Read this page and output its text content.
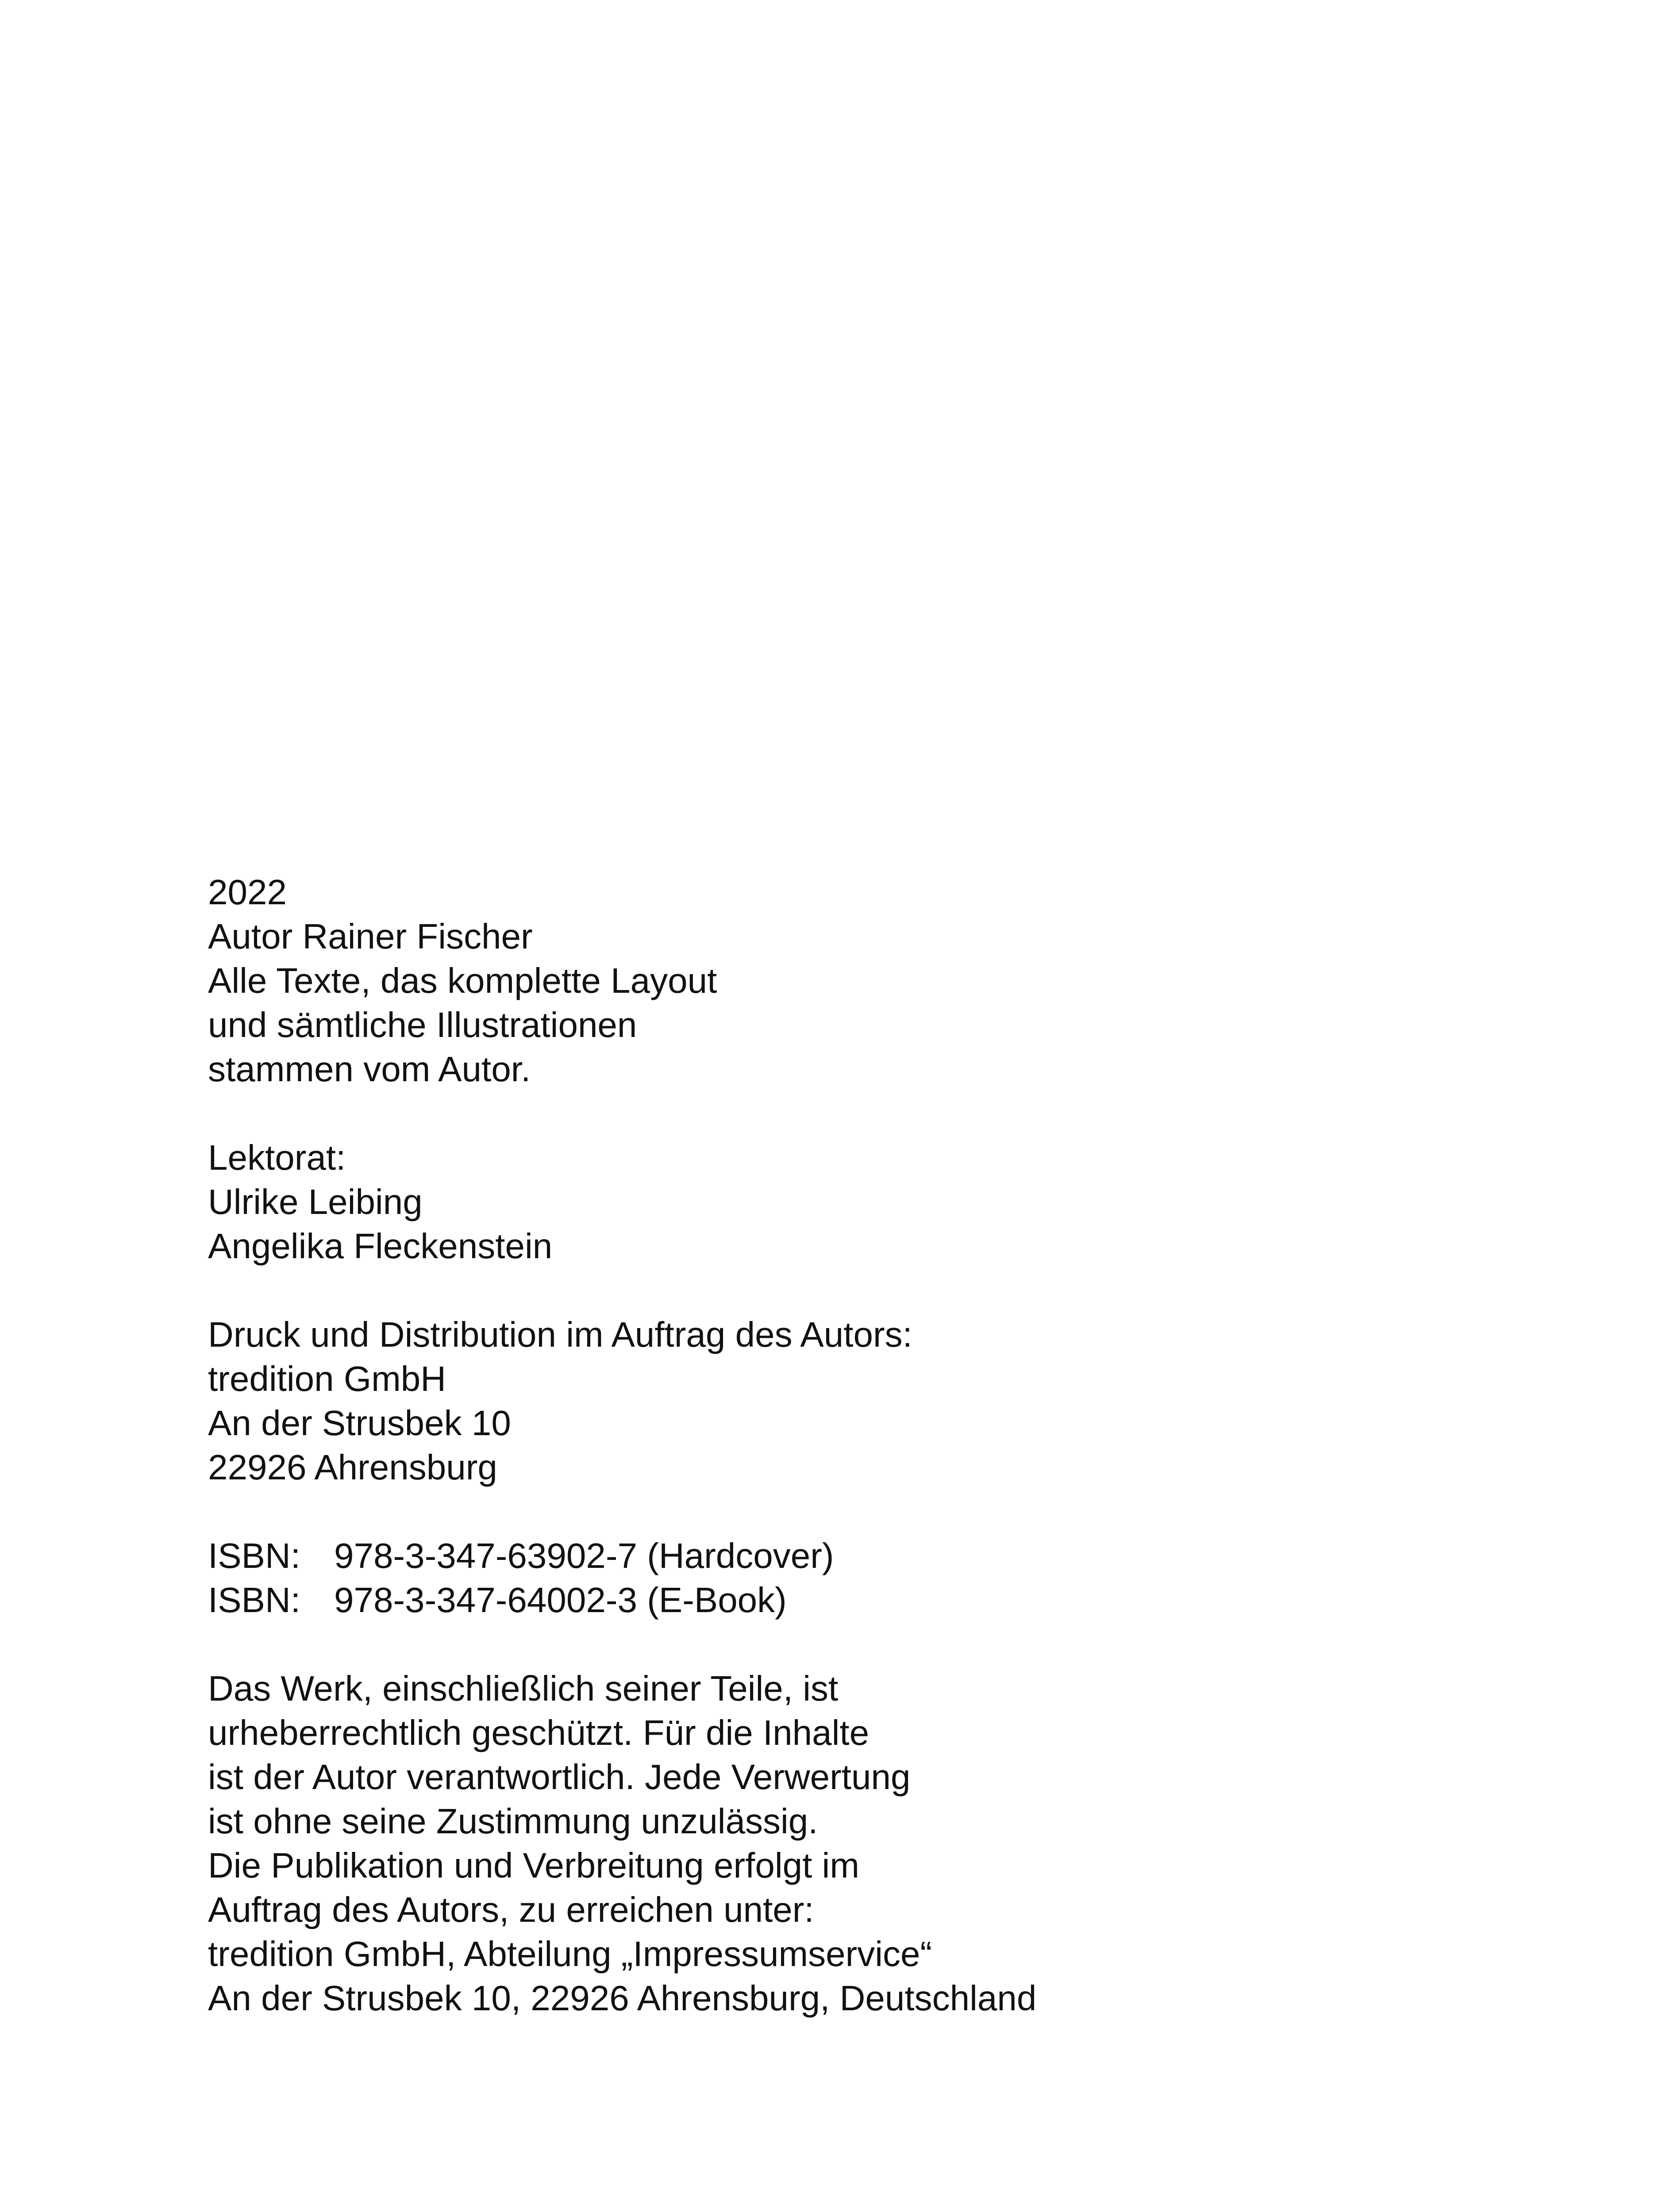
2022
Autor Rainer Fischer
Alle Texte, das komplette Layout
und sämtliche Illustrationen
stammen vom Autor.
Lektorat:
Ulrike Leibing
Angelika Fleckenstein
Druck und Distribution im Auftrag des Autors:
tredition GmbH
An der Strusbek 10
22926 Ahrensburg
ISBN: 978-3-347-63902-7 (Hardcover)
ISBN: 978-3-347-64002-3 (E-Book)
Das Werk, einschließlich seiner Teile, ist
urheberrechtlich geschützt. Für die Inhalte
ist der Autor verantwortlich. Jede Verwertung
ist ohne seine Zustimmung unzulässig.
Die Publikation und Verbreitung erfolgt im
Auftrag des Autors, zu erreichen unter:
tredition GmbH, Abteilung „Impressumservice“
An der Strusbek 10, 22926 Ahrensburg, Deutschland
